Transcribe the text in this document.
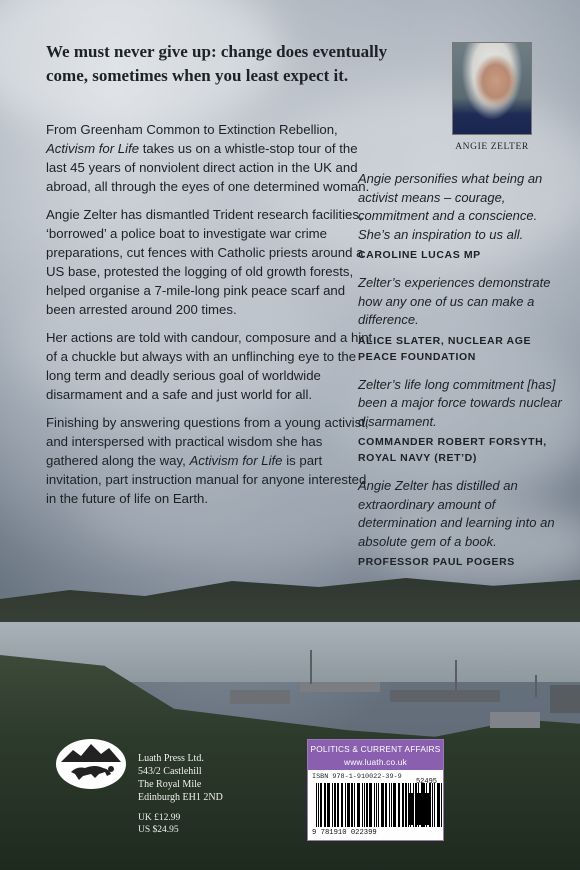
We must never give up: change does eventually come, sometimes when you least expect it.

From Greenham Common to Extinction Rebellion, Activism for Life takes us on a whistle-stop tour of the last 45 years of nonviolent direct action in the UK and abroad, all through the eyes of one determined woman.

Angie Zelter has dismantled Trident research facilities, ‘borrowed’ a police boat to investigate war crime preparations, cut fences with Catholic priests around a US base, protested the logging of old growth forests, helped organise a 7-mile-long pink peace scarf and been arrested around 200 times.

Her actions are told with candour, composure and a hint of a chuckle but always with an unflinching eye to the long term and deadly serious goal of worldwide disarmament and a safe and just world for all.

Finishing by answering questions from a young activist, and interspersed with practical wisdom she has gathered along the way, Activism for Life is part invitation, part instruction manual for anyone interested in the future of life on Earth.

ANGIE ZELTER
Angie personifies what being an activist means – courage, commitment and a conscience. She’s an inspiration to us all.
CAROLINE LUCAS MP
Zelter’s experiences demonstrate how any one of us can make a difference.
ALICE SLATER, NUCLEAR AGE PEACE FOUNDATION
Zelter’s life long commitment [has] been a major force towards nuclear disarmament.
COMMANDER ROBERT FORSYTH, ROYAL NAVY (RET’D)
Angie Zelter has distilled an extraordinary amount of determination and learning into an absolute gem of a book.
PROFESSOR PAUL POGERS
Luath Press Ltd.
543/2 Castlehill
The Royal Mile
Edinburgh EH1 2ND
UK £12.99
US $24.95
POLITICS & CURRENT AFFAIRS
www.luath.co.uk
ISBN 978-1-910022-39-9
52495
9 781910 022399
